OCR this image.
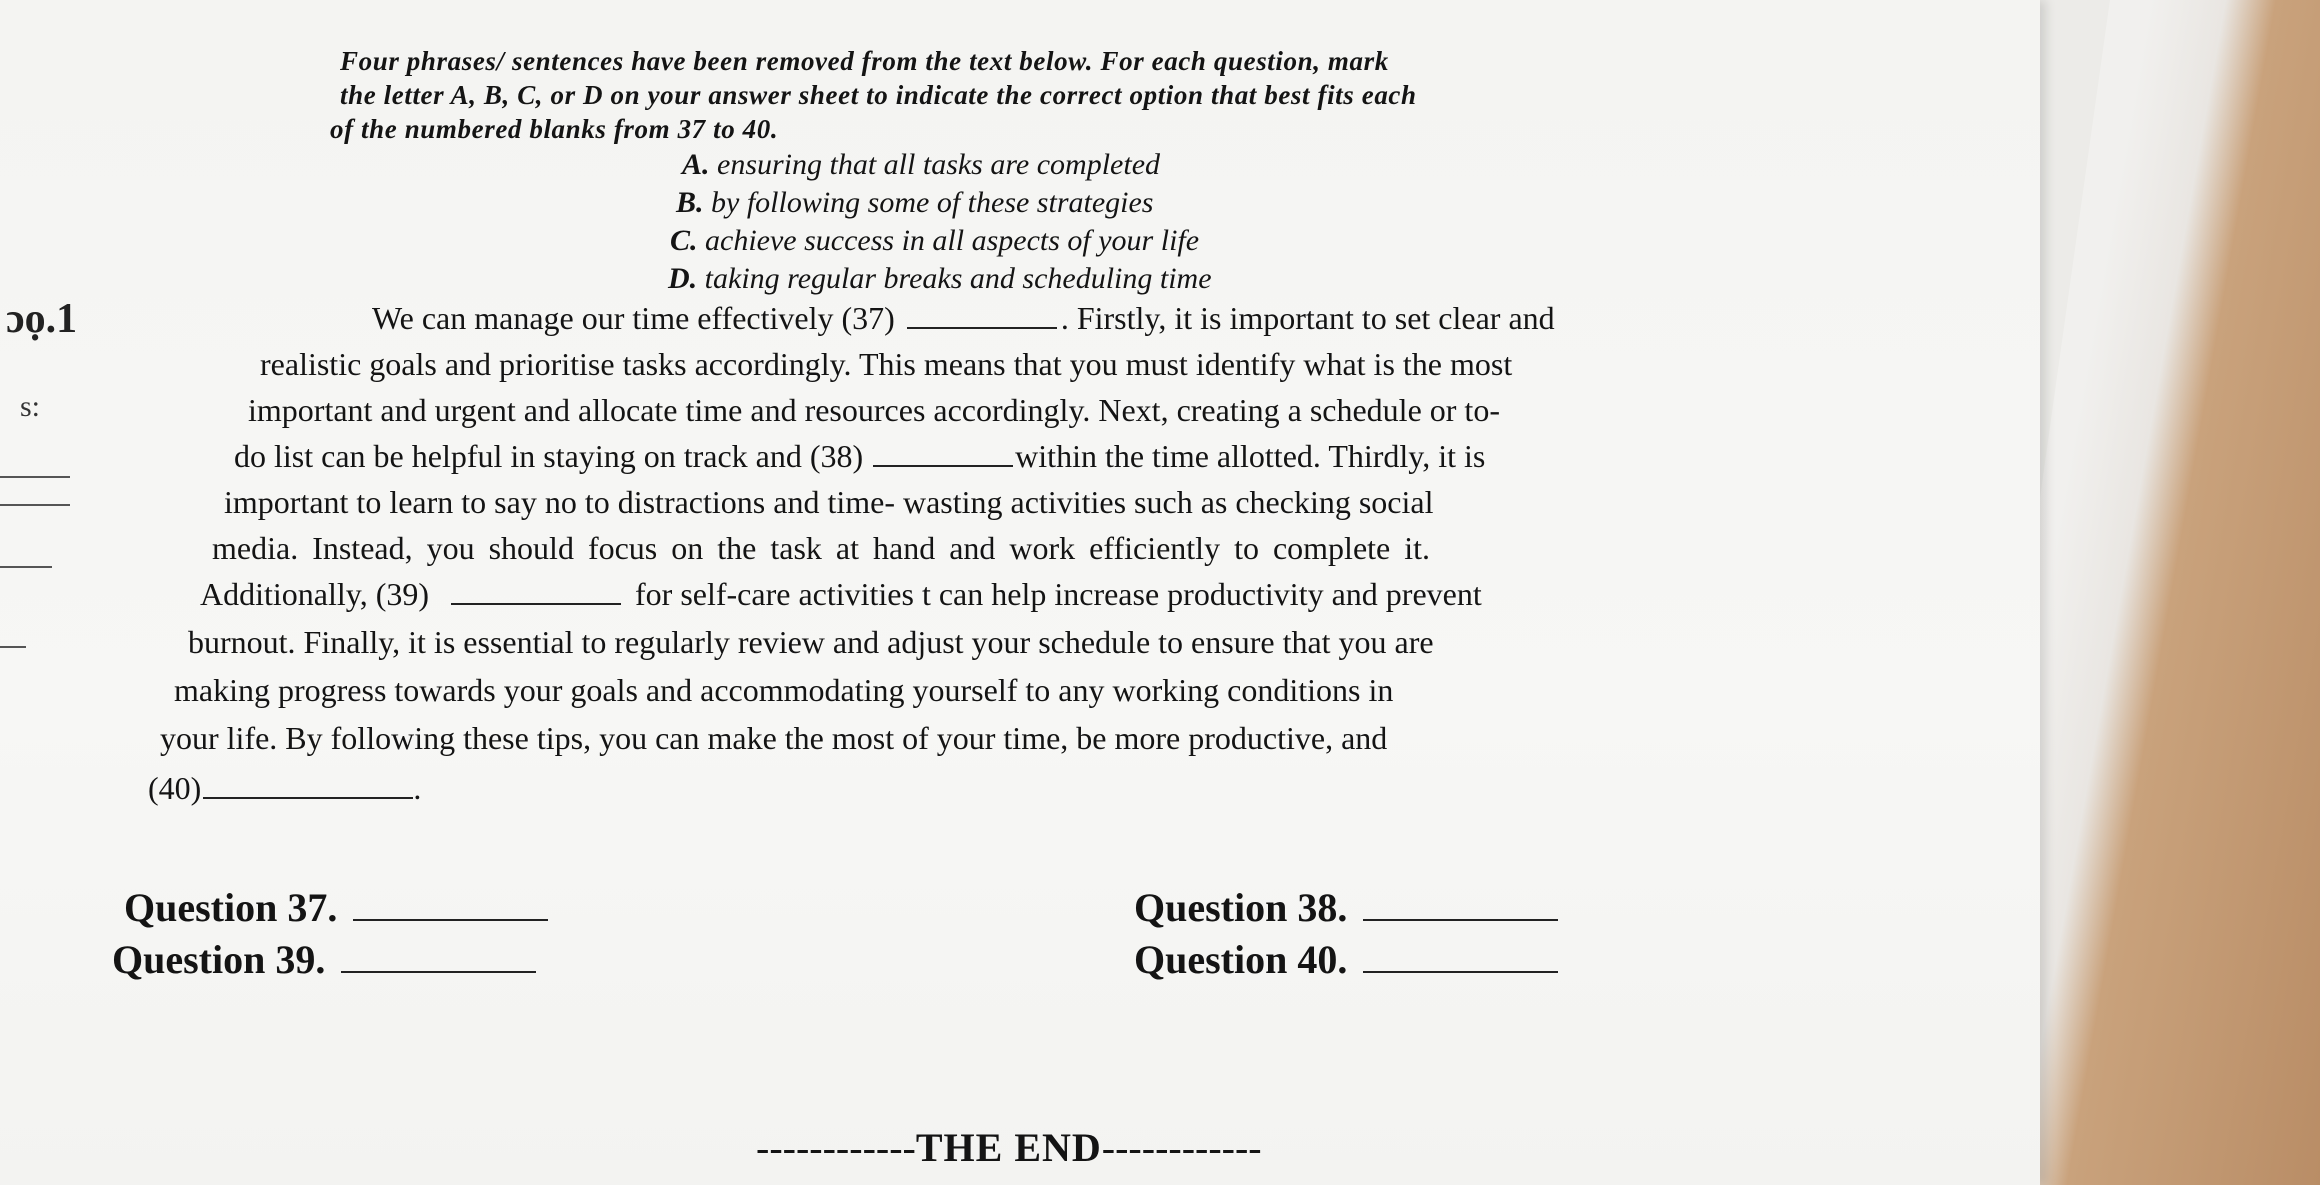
ɔọ.1
s:

Four phrases/ sentences have been removed from the text below. For each question, mark

the letter A, B, C, or D on your answer sheet to indicate the correct option that best fits each

of the numbered blanks from 37 to 40.

A. ensuring that all tasks are completed
B. by following some of these strategies
C. achieve success in all aspects of your life
D. taking regular breaks and scheduling time
We can manage our time effectively (37)	. Firstly, it is important to set clear and
realistic goals and prioritise tasks accordingly. This means that you must identify what is the most
important and urgent and allocate time and resources accordingly. Next, creating a schedule or to-
do list can be helpful in staying on track and (38)	within the time allotted. Thirdly, it is
important to learn to say no to distractions and time- wasting activities such as checking social
media. Instead, you should focus on the task at hand and work efficiently to complete it.
Additionally, (39)	for self-care activities t can help increase productivity and prevent
burnout. Finally, it is essential to regularly review and adjust your schedule to ensure that you are
making progress towards your goals and accommodating yourself to any working conditions in
your life. By following these tips, you can make the most of your time, be more productive, and
(40)	.
Question 37.	Question 38.
Question 39.	Question 40.
------------THE END------------
